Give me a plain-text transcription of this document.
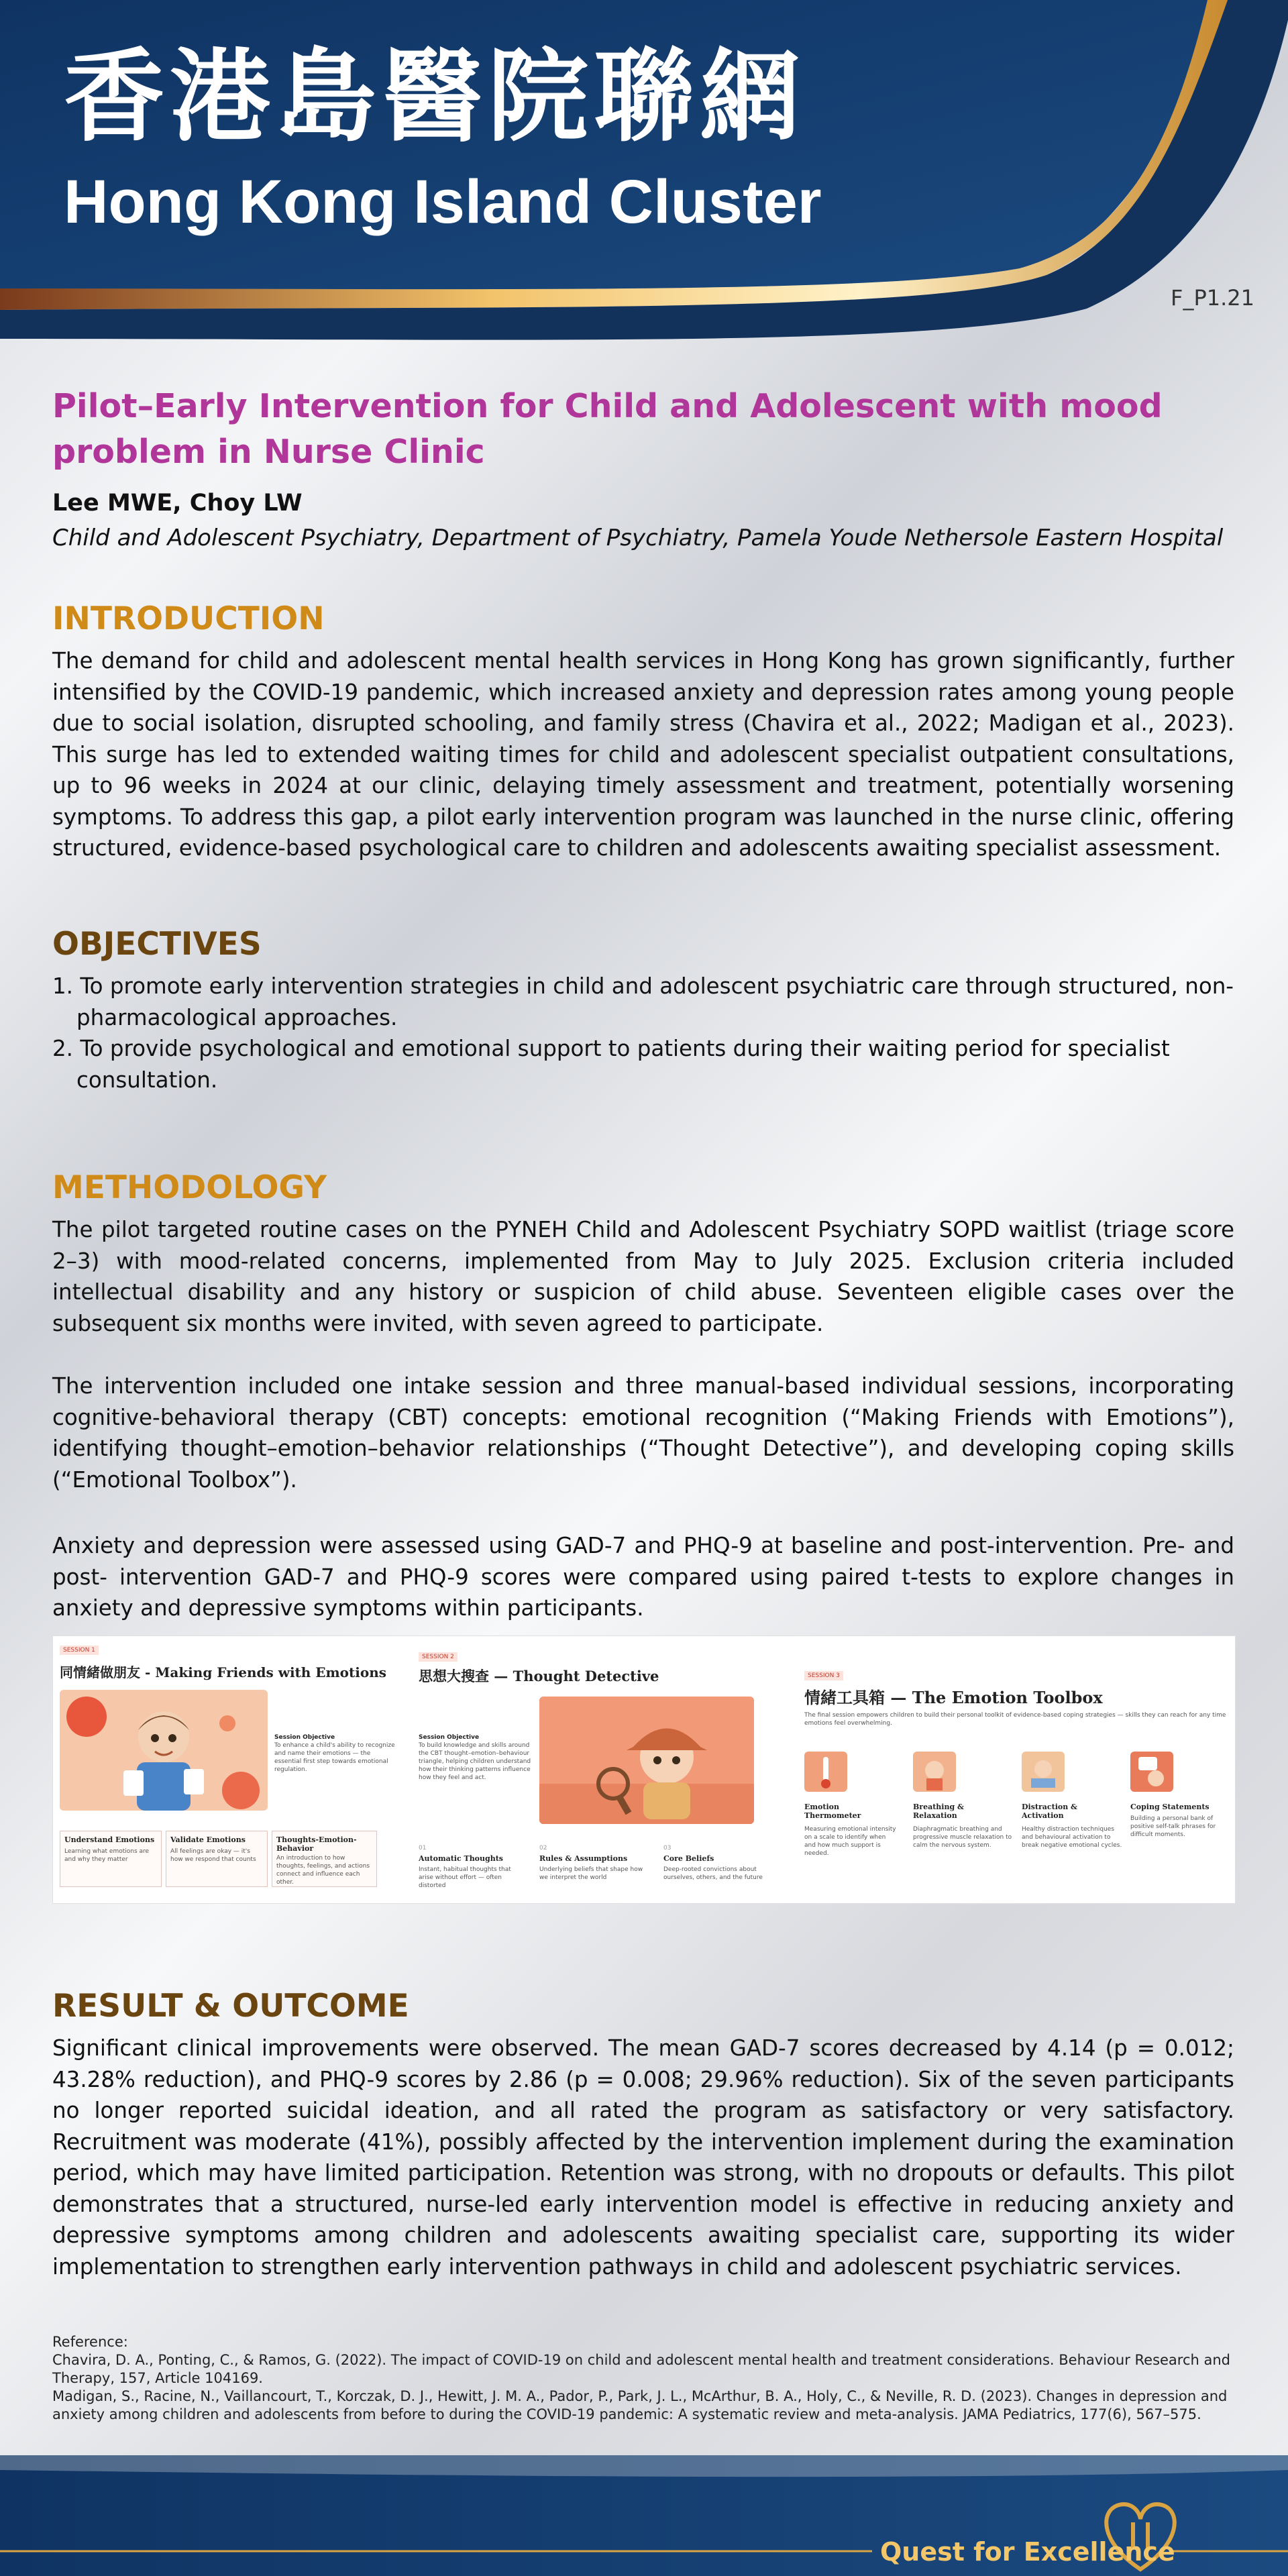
香港島醫院聯網
Hong Kong Island Cluster
F_P1.21
Pilot–Early Intervention for Child and Adolescent with mood problem in Nurse Clinic
Lee MWE, Choy LW
Child and Adolescent Psychiatry, Department of Psychiatry, Pamela Youde Nethersole Eastern Hospital
INTRODUCTION
The demand for child and adolescent mental health services in Hong Kong has grown significantly, further intensified by the COVID-19 pandemic, which increased anxiety and depression rates among young people due to social isolation, disrupted schooling, and family stress (Chavira et al., 2022; Madigan et al., 2023). This surge has led to extended waiting times for child and adolescent specialist outpatient consultations, up to 96 weeks in 2024 at our clinic, delaying timely assessment and treatment, potentially worsening symptoms. To address this gap, a pilot early intervention program was launched in the nurse clinic, offering structured, evidence-based psychological care to children and adolescents awaiting specialist assessment.
OBJECTIVES
1. To promote early intervention strategies in child and adolescent psychiatric care through structured, non-pharmacological approaches.
2. To provide psychological and emotional support to patients during their waiting period for specialist consultation.
METHODOLOGY
The pilot targeted routine cases on the PYNEH Child and Adolescent Psychiatry SOPD waitlist (triage score 2–3) with mood-related concerns, implemented from May to July 2025. Exclusion criteria included intellectual disability and any history or suspicion of child abuse. Seventeen eligible cases over the subsequent six months were invited, with seven agreed to participate.
The intervention included one intake session and three manual-based individual sessions, incorporating cognitive-behavioral therapy (CBT) concepts: emotional recognition (“Making Friends with Emotions”), identifying thought–emotion–behavior relationships (“Thought Detective”), and developing coping skills (“Emotional Toolbox”).
Anxiety and depression were assessed using GAD-7 and PHQ-9 at baseline and post-intervention. Pre- and post- intervention GAD-7 and PHQ-9 scores were compared using paired t-tests to explore changes in anxiety and depressive symptoms within participants.
SESSION 1
同情緒做朋友 - Making Friends with Emotions
Session Objective
To enhance a child's ability to recognize and name their emotions — the essential first step towards emotional regulation.
Understand Emotions
Learning what emotions are and why they matter
Validate Emotions
All feelings are okay — it's how we respond that counts
Thoughts-Emotion-Behavior
An introduction to how thoughts, feelings, and actions connect and influence each other.
SESSION 2
思想大搜查 — Thought Detective
Session Objective
To build knowledge and skills around the CBT thought–emotion–behaviour triangle, helping children understand how their thinking patterns influence how they feel and act.
01
Automatic Thoughts
Instant, habitual thoughts that arise without effort — often distorted
02
Rules & Assumptions
Underlying beliefs that shape how we interpret the world
03
Core Beliefs
Deep-rooted convictions about ourselves, others, and the future
SESSION 3
情緒工具箱 — The Emotion Toolbox
The final session empowers children to build their personal toolkit of evidence-based coping strategies — skills they can reach for any time emotions feel overwhelming.
Emotion Thermometer
Measuring emotional intensity on a scale to identify when and how much support is needed.
Breathing & Relaxation
Diaphragmatic breathing and progressive muscle relaxation to calm the nervous system.
Distraction & Activation
Healthy distraction techniques and behavioural activation to break negative emotional cycles.
Coping Statements
Building a personal bank of positive self-talk phrases for difficult moments.
RESULT & OUTCOME
Significant clinical improvements were observed. The mean GAD-7 scores decreased by 4.14 (p = 0.012; 43.28% reduction), and PHQ-9 scores by 2.86 (p = 0.008; 29.96% reduction). Six of the seven participants no longer reported suicidal ideation, and all rated the program as satisfactory or very satisfactory. Recruitment was moderate (41%), possibly affected by the intervention implement during the examination period, which may have limited participation. Retention was strong, with no dropouts or defaults. This pilot demonstrates that a structured, nurse-led early intervention model is effective in reducing anxiety and depressive symptoms among children and adolescents awaiting specialist care, supporting its wider implementation to strengthen early intervention pathways in child and adolescent psychiatric services.
Reference:
Chavira, D. A., Ponting, C., & Ramos, G. (2022). The impact of COVID-19 on child and adolescent mental health and treatment considerations. Behaviour Research and Therapy, 157, Article 104169.
Madigan, S., Racine, N., Vaillancourt, T., Korczak, D. J., Hewitt, J. M. A., Pador, P., Park, J. L., McArthur, B. A., Holy, C., & Neville, R. D. (2023). Changes in depression and anxiety among children and adolescents from before to during the COVID-19 pandemic: A systematic review and meta-analysis. JAMA Pediatrics, 177(6), 567–575.
Quest for Excellence
